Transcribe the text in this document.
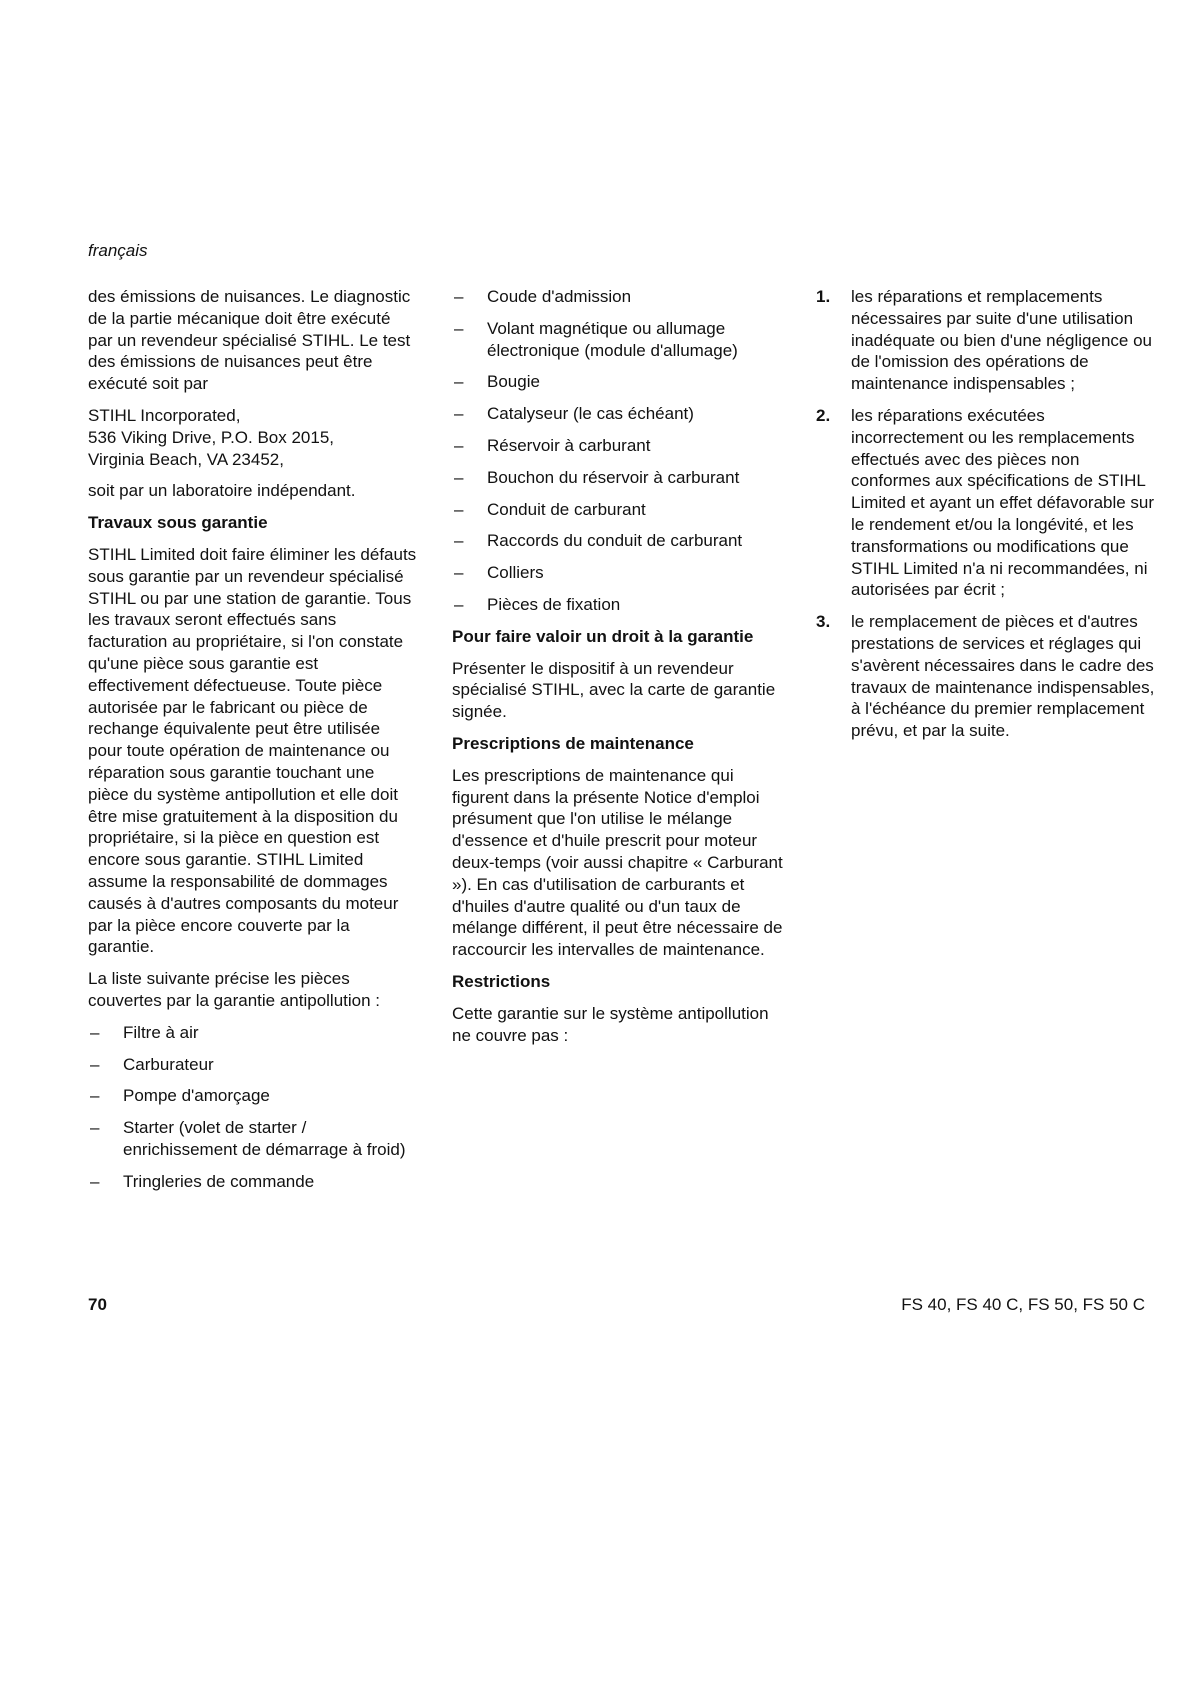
français

des émissions de nuisances. Le diagnostic de la partie mécanique doit être exécuté par un revendeur spécialisé STIHL. Le test des émissions de nuisances peut être exécuté soit par

STIHL Incorporated,
536 Viking Drive, P.O. Box 2015,
Virginia Beach, VA 23452,

soit par un laboratoire indépendant.

Travaux sous garantie

STIHL Limited doit faire éliminer les défauts sous garantie par un revendeur spécialisé STIHL ou par une station de garantie. Tous les travaux seront effectués sans facturation au propriétaire, si l'on constate qu'une pièce sous garantie est effectivement défectueuse. Toute pièce autorisée par le fabricant ou pièce de rechange équivalente peut être utilisée pour toute opération de maintenance ou réparation sous garantie touchant une pièce du système antipollution et elle doit être mise gratuitement à la disposition du propriétaire, si la pièce en question est encore sous garantie. STIHL Limited assume la responsabilité de dommages causés à d'autres composants du moteur par la pièce encore couverte par la garantie.

La liste suivante précise les pièces couvertes par la garantie antipollution :

– Filtre à air
– Carburateur
– Pompe d'amorçage
– Starter (volet de starter / enrichissement de démarrage à froid)
– Tringleries de commande
– Coude d'admission
– Volant magnétique ou allumage électronique (module d'allumage)
– Bougie
– Catalyseur (le cas échéant)
– Réservoir à carburant
– Bouchon du réservoir à carburant
– Conduit de carburant
– Raccords du conduit de carburant
– Colliers
– Pièces de fixation
Pour faire valoir un droit à la garantie

Présenter le dispositif à un revendeur spécialisé STIHL, avec la carte de garantie signée.

Prescriptions de maintenance

Les prescriptions de maintenance qui figurent dans la présente Notice d'emploi présument que l'on utilise le mélange d'essence et d'huile prescrit pour moteur deux-temps (voir aussi chapitre « Carburant »). En cas d'utilisation de carburants et d'huiles d'autre qualité ou d'un taux de mélange différent, il peut être nécessaire de raccourcir les intervalles de maintenance.

Restrictions

Cette garantie sur le système antipollution ne couvre pas :

1. les réparations et remplacements nécessaires par suite d'une utilisation inadéquate ou bien d'une négligence ou de l'omission des opérations de maintenance indispensables ;
2. les réparations exécutées incorrectement ou les remplacements effectués avec des pièces non conformes aux spécifications de STIHL Limited et ayant un effet défavorable sur le rendement et/ou la longévité, et les transformations ou modifications que STIHL Limited n'a ni recommandées, ni autorisées par écrit ;
3. le remplacement de pièces et d'autres prestations de services et réglages qui s'avèrent nécessaires dans le cadre des travaux de maintenance indispensables, à l'échéance du premier remplacement prévu, et par la suite.
70	FS 40, FS 40 C, FS 50, FS 50 C
